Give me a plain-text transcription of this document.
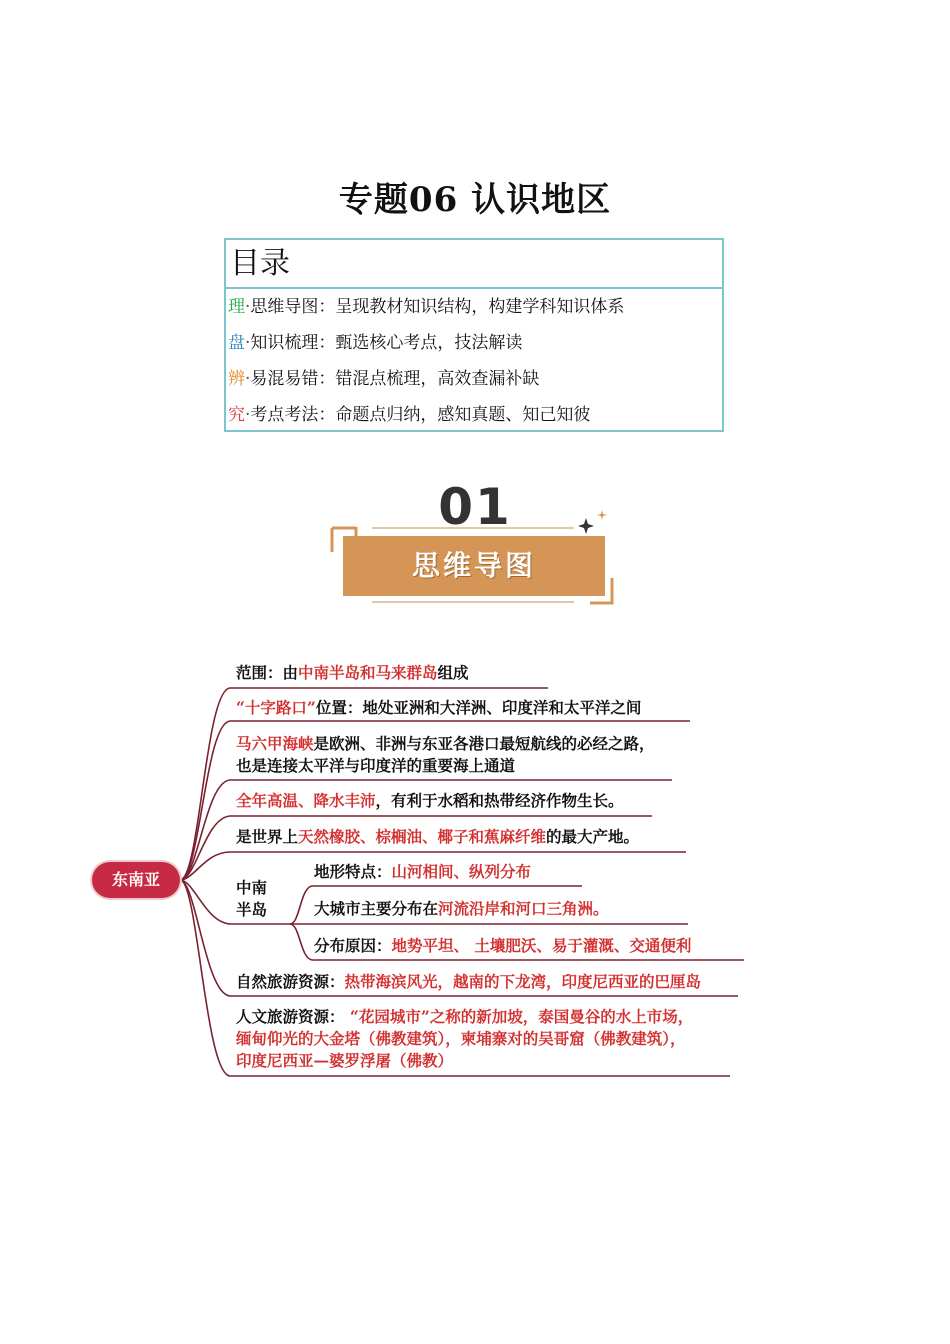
专题06 认识地区
目录
理·思维导图：呈现教材知识结构，构建学科知识体系
盘·知识梳理：甄选核心考点，技法解读
辨·易混易错：错混点梳理，高效查漏补缺
究·考点考法：命题点归纳，感知真题、知己知彼
01
思维导图
东南亚
范围：由中南半岛和马来群岛组成
“十字路口”位置：地处亚洲和大洋洲、印度洋和太平洋之间
马六甲海峡是欧洲、非洲与东亚各港口最短航线的必经之路，
也是连接太平洋与印度洋的重要海上通道
全年高温、降水丰沛，有利于水稻和热带经济作物生长。
是世界上天然橡胶、棕榈油、椰子和蕉麻纤维的最大产地。
中南
半岛
地形特点：山河相间、纵列分布
大城市主要分布在河流沿岸和河口三角洲。
分布原因：地势平坦、 土壤肥沃、易于灌溉、交通便利
自然旅游资源：热带海滨风光，越南的下龙湾，印度尼西亚的巴厘岛
人文旅游资源： “花园城市”之称的新加坡，泰国曼谷的水上市场，
缅甸仰光的大金塔（佛教建筑），柬埔寨对的吴哥窟（佛教建筑），
印度尼西亚—婆罗浮屠（佛教）
